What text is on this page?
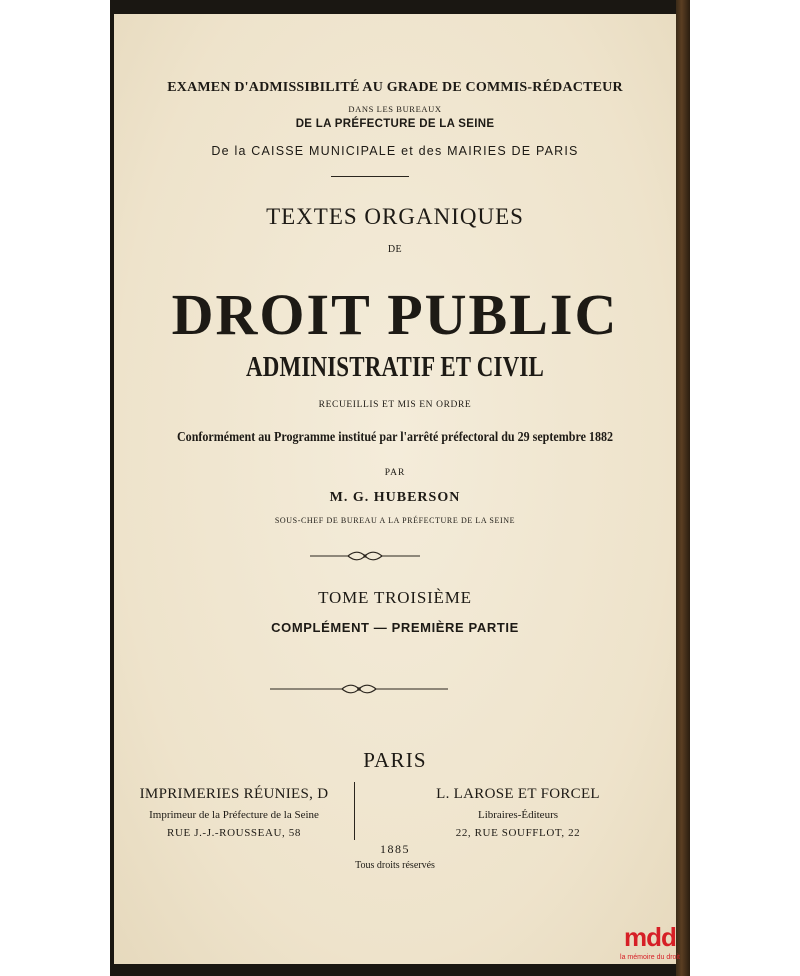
EXAMEN D'ADMISSIBILITÉ AU GRADE DE COMMIS-RÉDACTEUR
DANS LES BUREAUX
DE LA PRÉFECTURE DE LA SEINE
De la CAISSE MUNICIPALE et des MAIRIES DE PARIS
TEXTES ORGANIQUES
DE
DROIT PUBLIC
ADMINISTRATIF ET CIVIL
RECUEILLIS ET MIS EN ORDRE
Conformément au Programme institué par l'arrêté préfectoral du 29 septembre 1882
PAR
M. G. HUBERSON
SOUS-CHEF DE BUREAU A LA PRÉFECTURE DE LA SEINE
TOME TROISIÈME
COMPLÉMENT — PREMIÈRE PARTIE
PARIS
IMPRIMERIES RÉUNIES, D
Imprimeur de la Préfecture de la Seine
RUE J.-J.-ROUSSEAU, 58
L. LAROSE ET FORCEL
Libraires-Éditeurs
22, RUE SOUFFLOT, 22
1885
Tous droits réservés
mdd
la mémoire du droit
